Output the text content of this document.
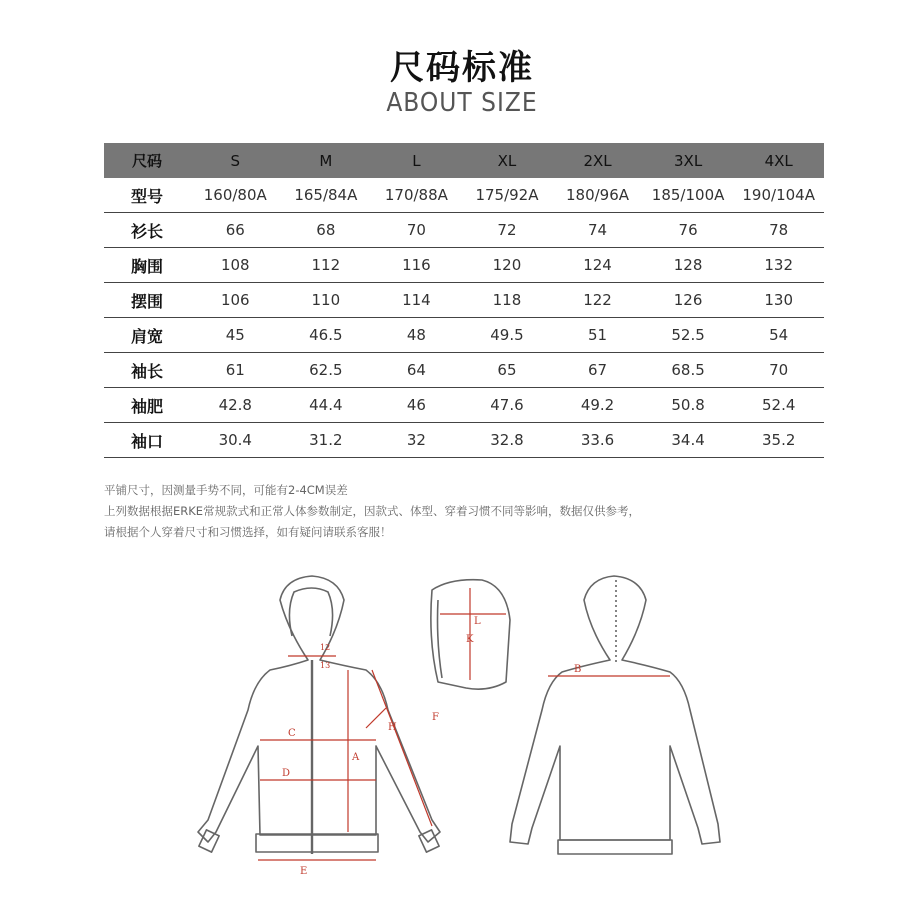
尺码标准
ABOUT SIZE
尺码	S	M	L	XL	2XL	3XL	4XL
型号	160/80A	165/84A	170/88A	175/92A	180/96A	185/100A	190/104A
衫长	66	68	70	72	74	76	78
胸围	108	112	116	120	124	128	132
摆围	106	110	114	118	122	126	130
肩宽	45	46.5	48	49.5	51	52.5	54
袖长	61	62.5	64	65	67	68.5	70
袖肥	42.8	44.4	46	47.6	49.2	50.8	52.4
袖口	30.4	31.2	32	32.8	33.6	34.4	35.2
平铺尺寸，因测量手势不同，可能有2-4CM误差
上列数据根据ERKE常规款式和正常人体参数制定，因款式、体型、穿着习惯不同等影响，数据仅供参考，
请根据个人穿着尺寸和习惯选择，如有疑问请联系客服！
A
B
C
D
E
F
H
K
L
12
13
